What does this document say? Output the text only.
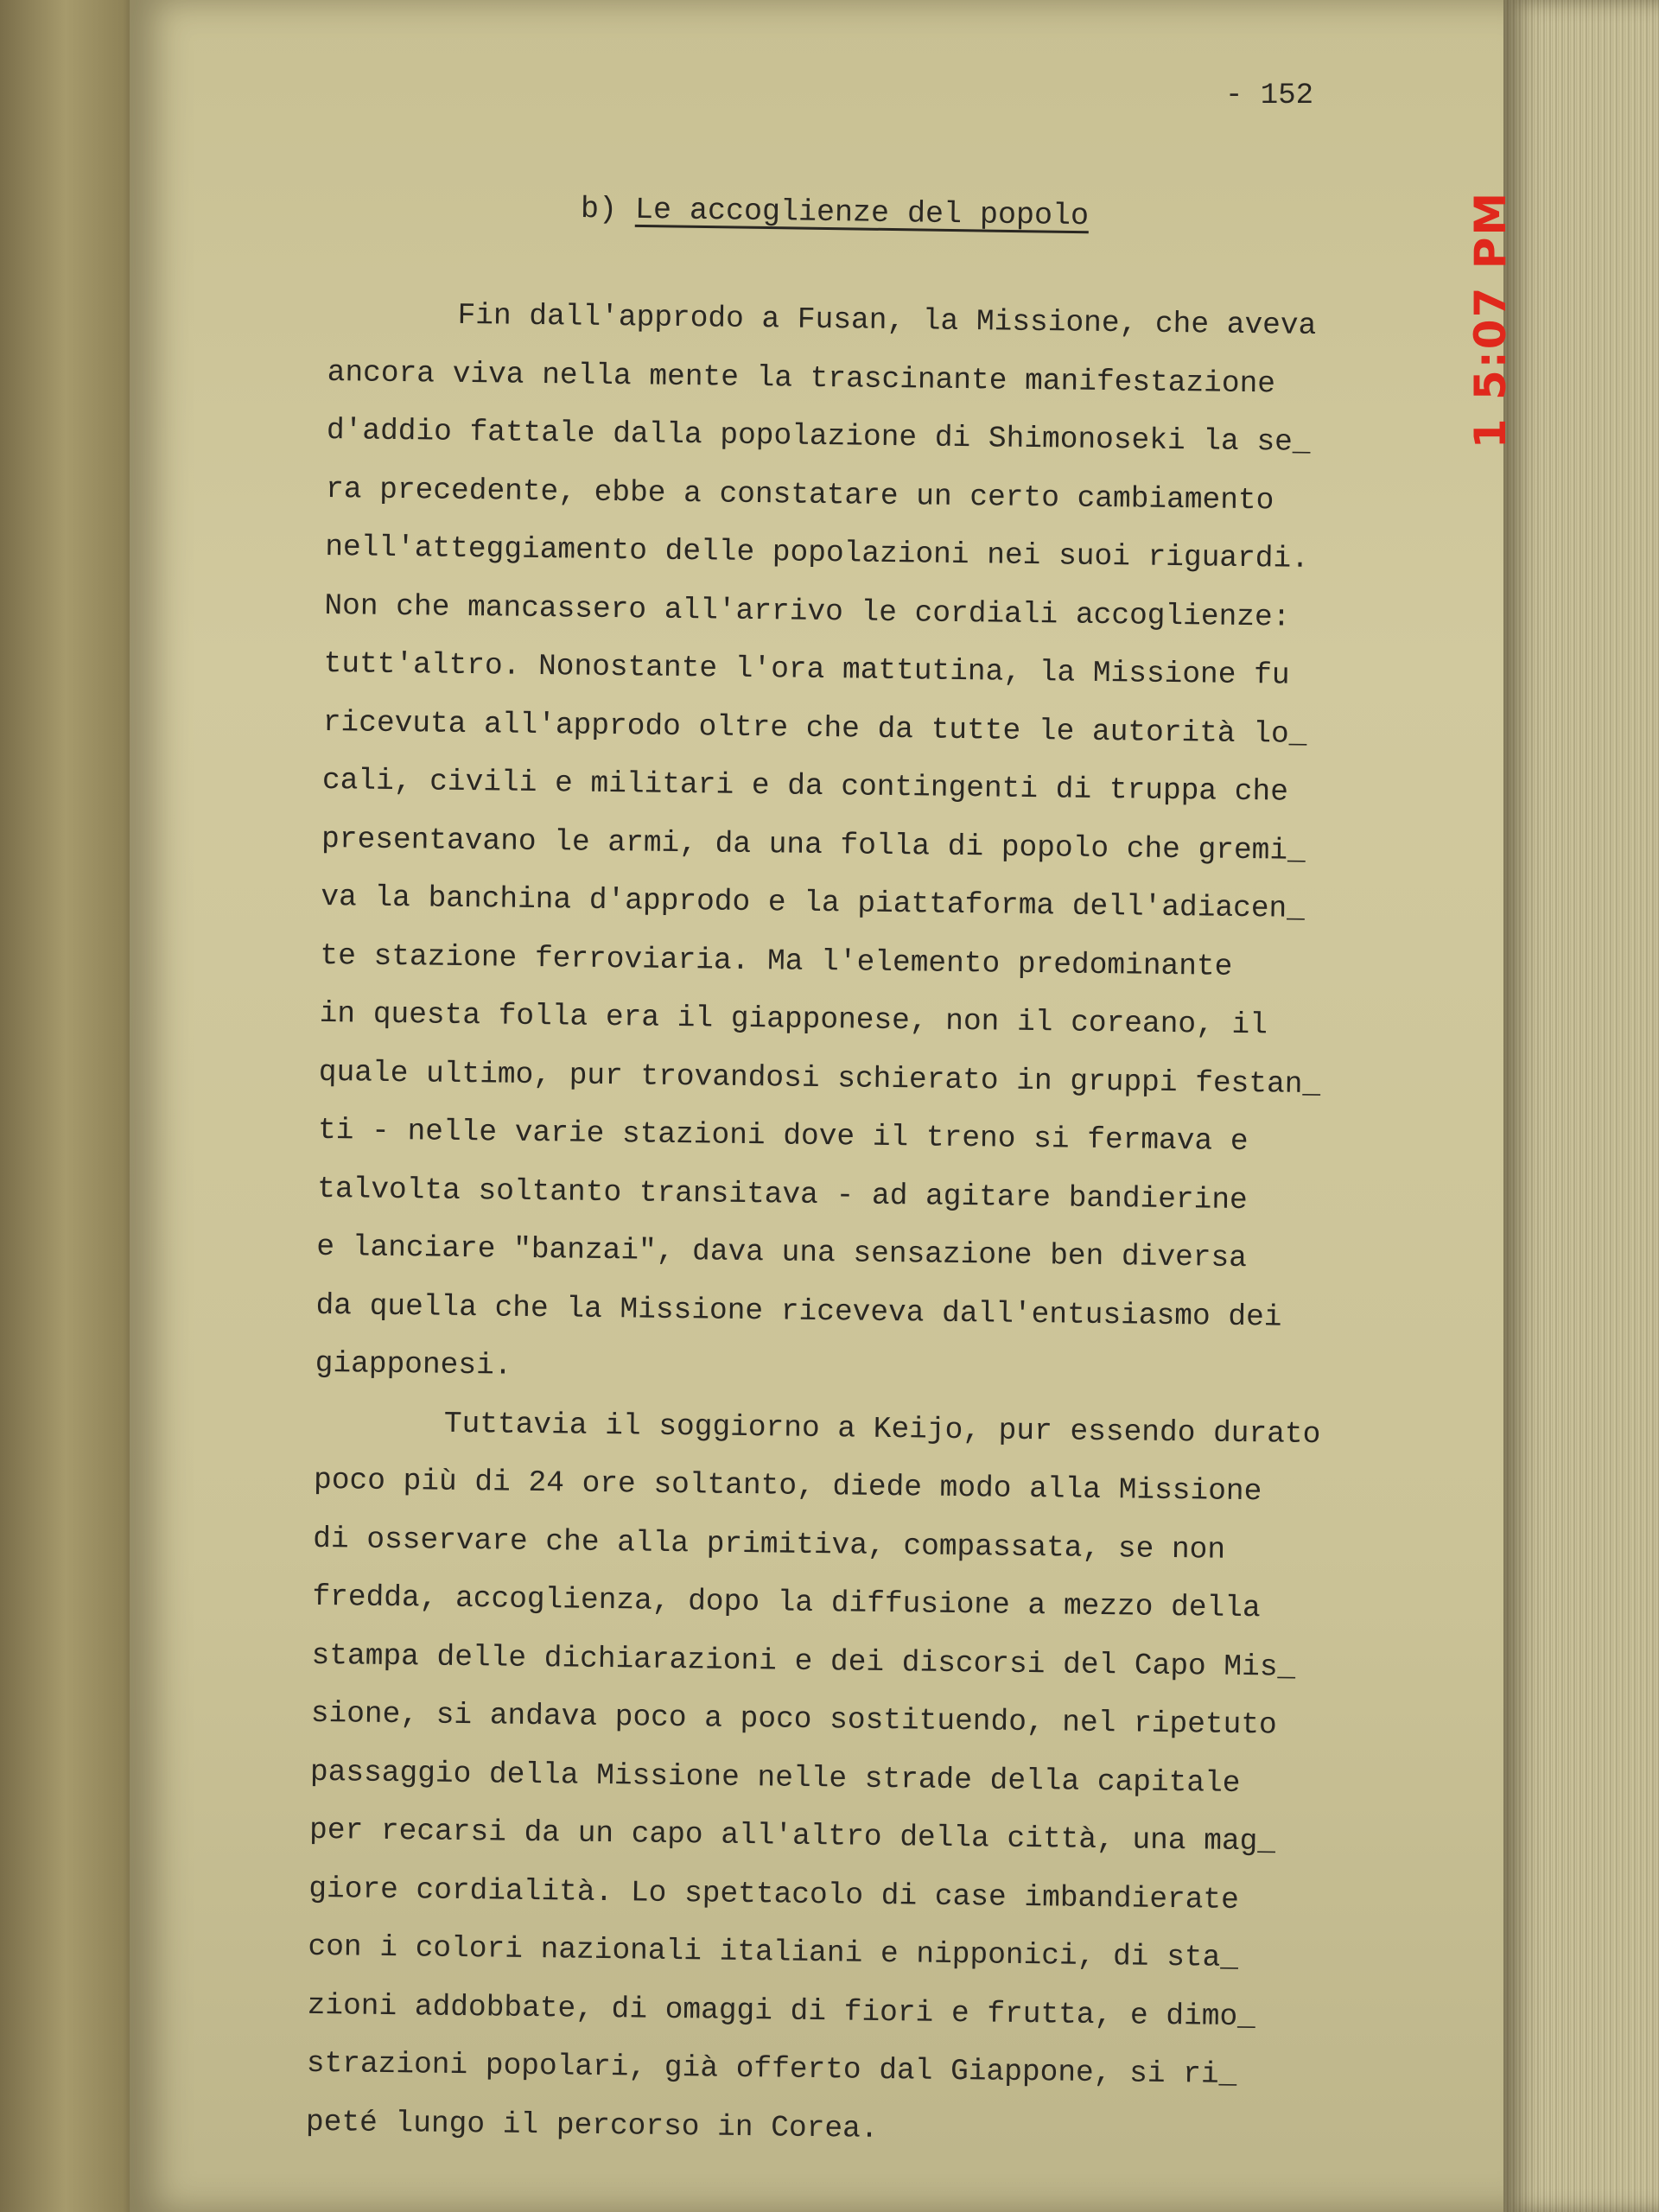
- 152
b) Le accoglienze del popolo
Fin dall'approdo a Fusan, la Missione, che aveva
ancora viva nella mente la trascinante manifestazione
d'addio fattale dalla popolazione di Shimonoseki la se_
ra precedente, ebbe a constatare un certo cambiamento
nell'atteggiamento delle popolazioni nei suoi riguardi.
Non che mancassero all'arrivo le cordiali accoglienze:
tutt'altro. Nonostante l'ora mattutina, la Missione fu
ricevuta all'approdo oltre che da tutte le autorità lo_
cali, civili e militari e da contingenti di truppa che
presentavano le armi, da una folla di popolo che gremi_
va la banchina d'approdo e la piattaforma dell'adiacen_
te stazione ferroviaria. Ma l'elemento predominante
in questa folla era il giapponese, non il coreano, il
quale ultimo, pur trovandosi schierato in gruppi festan_
ti - nelle varie stazioni dove il treno si fermava e
talvolta soltanto transitava - ad agitare bandierine
e lanciare "banzai", dava una sensazione ben diversa
da quella che la Missione riceveva dall'entusiasmo dei
giapponesi.
Tuttavia il soggiorno a Keijo, pur essendo durato
poco più di 24 ore soltanto, diede modo alla Missione
di osservare che alla primitiva, compassata, se non
fredda, accoglienza, dopo la diffusione a mezzo della
stampa delle dichiarazioni e dei discorsi del Capo Mis_
sione, si andava poco a poco sostituendo, nel ripetuto
passaggio della Missione nelle strade della capitale
per recarsi da un capo all'altro della città, una mag_
giore cordialità. Lo spettacolo di case imbandierate
con i colori nazionali italiani e nipponici, di sta_
zioni addobbate, di omaggi di fiori e frutta, e dimo_
strazioni popolari, già offerto dal Giappone, si ri_
peté lungo il percorso in Corea.
1 5:07 PM
